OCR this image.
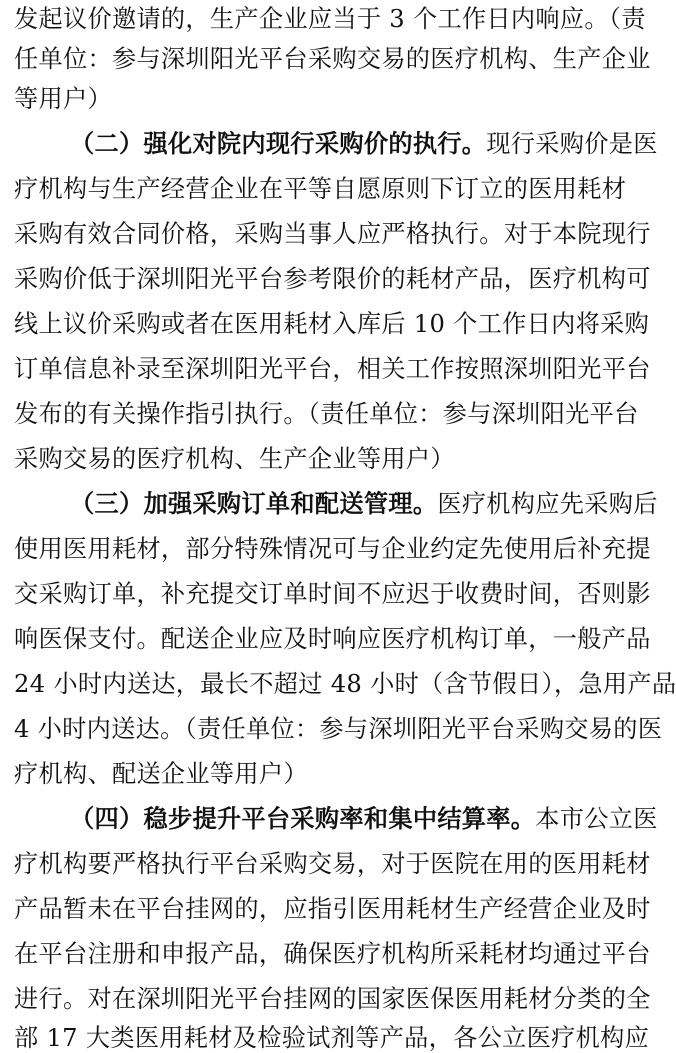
发起议价邀请的，生产企业应当于 3 个工作日内响应。（责
任单位：参与深圳阳光平台采购交易的医疗机构、生产企业
等用户）
（二）强化对院内现行采购价的执行。现行采购价是医
疗机构与生产经营企业在平等自愿原则下订立的医用耗材
采购有效合同价格，采购当事人应严格执行。对于本院现行
采购价低于深圳阳光平台参考限价的耗材产品，医疗机构可
线上议价采购或者在医用耗材入库后 10 个工作日内将采购
订单信息补录至深圳阳光平台，相关工作按照深圳阳光平台
发布的有关操作指引执行。（责任单位：参与深圳阳光平台
采购交易的医疗机构、生产企业等用户）
（三）加强采购订单和配送管理。医疗机构应先采购后
使用医用耗材，部分特殊情况可与企业约定先使用后补充提
交采购订单，补充提交订单时间不应迟于收费时间，否则影
响医保支付。配送企业应及时响应医疗机构订单，一般产品
24 小时内送达，最长不超过 48 小时（含节假日），急用产品
4 小时内送达。（责任单位：参与深圳阳光平台采购交易的医
疗机构、配送企业等用户）
（四）稳步提升平台采购率和集中结算率。本市公立医
疗机构要严格执行平台采购交易，对于医院在用的医用耗材
产品暂未在平台挂网的，应指引医用耗材生产经营企业及时
在平台注册和申报产品，确保医疗机构所采耗材均通过平台
进行。对在深圳阳光平台挂网的国家医保医用耗材分类的全
部 17 大类医用耗材及检验试剂等产品，各公立医疗机构应
